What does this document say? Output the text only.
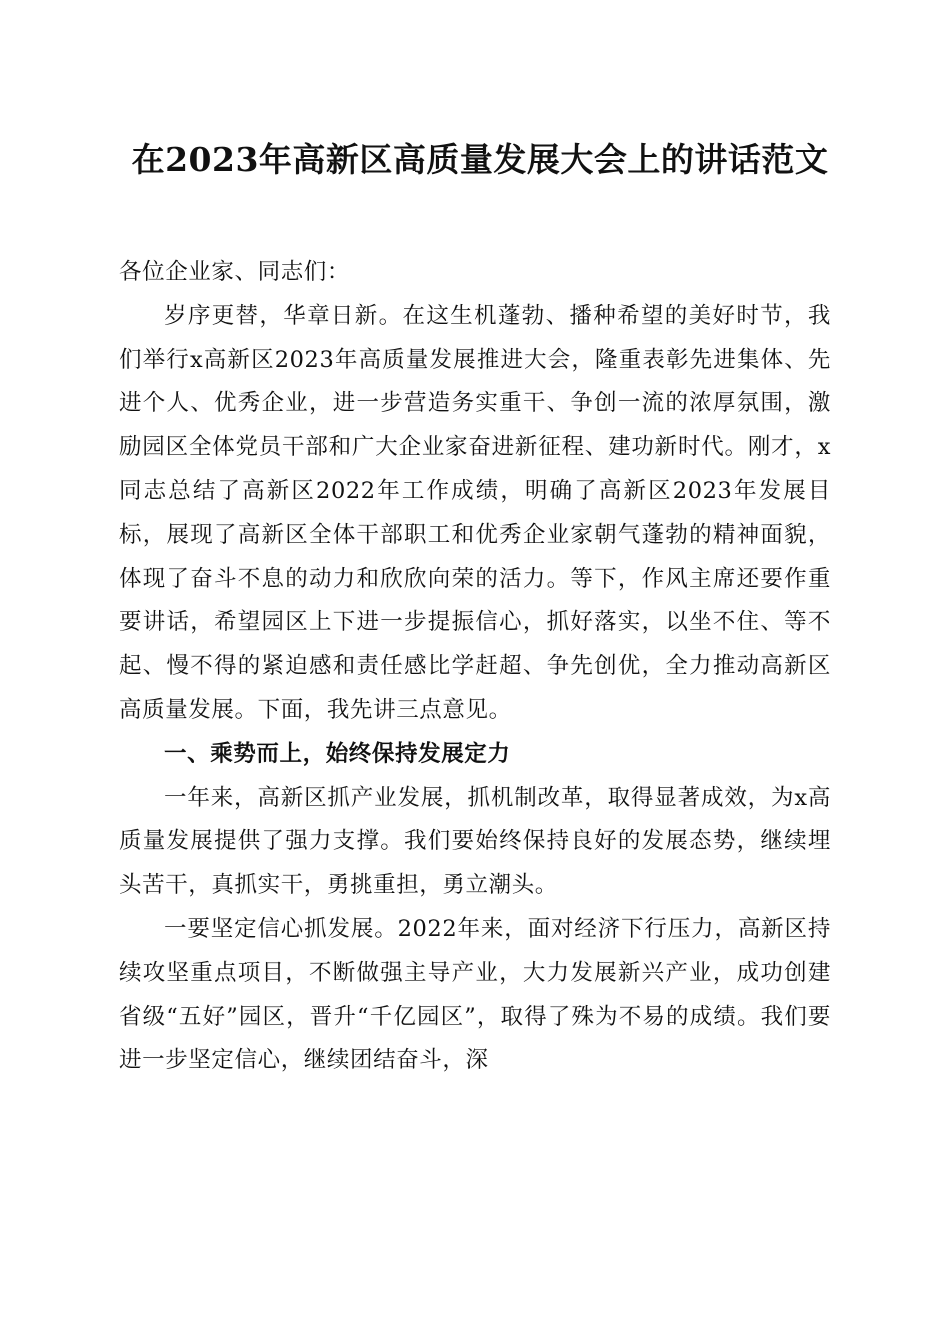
在2023年高新区高质量发展大会上的讲话范文

各位企业家、同志们：

岁序更替，华章日新。在这生机蓬勃、播种希望的美好时节，我们举行x高新区2023年高质量发展推进大会，隆重表彰先进集体、先进个人、优秀企业，进一步营造务实重干、争创一流的浓厚氛围，激励园区全体党员干部和广大企业家奋进新征程、建功新时代。刚才，x同志总结了高新区2022年工作成绩，明确了高新区2023年发展目标，展现了高新区全体干部职工和优秀企业家朝气蓬勃的精神面貌，体现了奋斗不息的动力和欣欣向荣的活力。等下，作风主席还要作重要讲话，希望园区上下进一步提振信心，抓好落实，以坐不住、等不起、慢不得的紧迫感和责任感比学赶超、争先创优，全力推动高新区高质量发展。下面，我先讲三点意见。

一、乘势而上，始终保持发展定力

一年来，高新区抓产业发展，抓机制改革，取得显著成效，为x高质量发展提供了强力支撑。我们要始终保持良好的发展态势，继续埋头苦干，真抓实干，勇挑重担，勇立潮头。

一要坚定信心抓发展。2022年来，面对经济下行压力，高新区持续攻坚重点项目，不断做强主导产业，大力发展新兴产业，成功创建省级“五好”园区，晋升“千亿园区”，取得了殊为不易的成绩。我们要进一步坚定信心，继续团结奋斗，深
